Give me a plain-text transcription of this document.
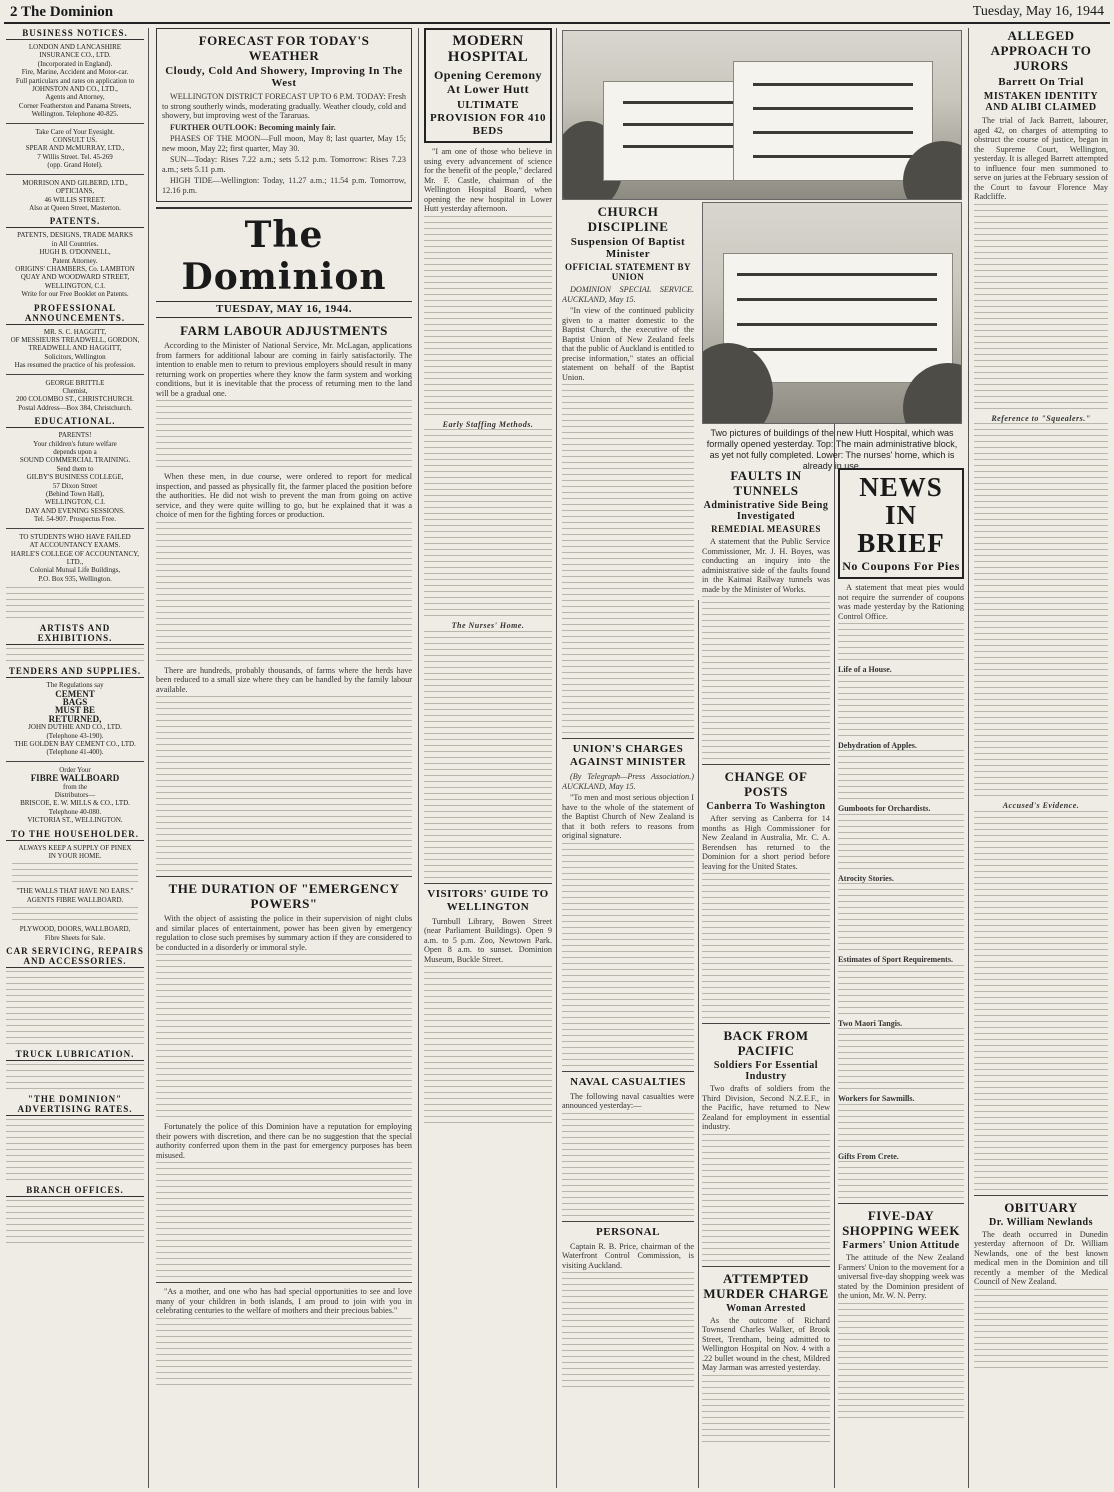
2 The Dominion	Tuesday, May 16, 1944
BUSINESS NOTICES.
LONDON AND LANCASHIRE
INSURANCE CO., LTD.
(Incorporated in England).
Fire, Marine, Accident and Motor-car.
Full particulars and rates on application to
JOHNSTON AND CO., LTD.,
Agents and Attorney,
Corner Featherston and Panama Streets,
Wellington. Telephone 40-825.
Take Care of Your Eyesight.
CONSULT US.
SPEAR AND McMURRAY, LTD.,
7 Willis Street. Tel. 45-269
(opp. Grand Hotel).
MORRISON AND GILBERD, LTD.,
OPTICIANS,
46 WILLIS STREET.
Also at Queen Street, Masterton.
PATENTS.
PATENTS, DESIGNS, TRADE MARKS
in All Countries.
HUGH B. O'DONNELL,
Patent Attorney.
ORIGINS' CHAMBERS, Co. LAMBTON
QUAY AND WOODWARD STREET,
WELLINGTON, C.I.
Write for our Free Booklet on Patents.
PROFESSIONAL ANNOUNCEMENTS.
MR. S. C. HAGGITT,
OF MESSIEURS TREADWELL, GORDON, TREADWELL AND HAGGITT,
Solicitors, Wellington
Has resumed the practice of his profession.
GEORGE BRITTLE
Chemist,
200 COLOMBO ST., CHRISTCHURCH.
Postal Address—Box 384, Christchurch.
EDUCATIONAL.
PARENTS!
Your children's future welfare
depends upon a
SOUND COMMERCIAL TRAINING.
Send them to
GILBY'S BUSINESS COLLEGE,
57 Dixon Street
(Behind Town Hall),
WELLINGTON, C.I.
DAY AND EVENING SESSIONS.
Tel. 54-907. Prospectus Free.
TO STUDENTS WHO HAVE FAILED
AT ACCOUNTANCY EXAMS.
HARLE'S COLLEGE OF ACCOUNTANCY, LTD.,
Colonial Mutual Life Buildings,
P.O. Box 935, Wellington.
ARTISTS AND EXHIBITIONS.
TENDERS AND SUPPLIES.
The Regulations say
CEMENT
BAGS
MUST BE
RETURNED,
JOHN DUTHIE AND CO., LTD.
(Telephone 43-190).
THE GOLDEN BAY CEMENT CO., LTD.
(Telephone 41-400).
Order Your
FIBRE WALLBOARD
from the
Distributors—
BRISCOE, E. W. MILLS & CO., LTD.
Telephone 40-080.
VICTORIA ST., WELLINGTON.
TO THE HOUSEHOLDER.
ALWAYS KEEP A SUPPLY OF PINEX
IN YOUR HOME.
"THE WALLS THAT HAVE NO EARS."
AGENTS FIBRE WALLBOARD.
PLYWOOD, DOORS, WALLBOARD,
Fibre Sheets for Sale.
CAR SERVICING, REPAIRS AND ACCESSORIES.
TRUCK LUBRICATION.
"THE DOMINION" ADVERTISING RATES.
BRANCH OFFICES.
FORECAST FOR TODAY'S WEATHER
Cloudy, Cold And Showery, Improving In The West

WELLINGTON DISTRICT FORECAST UP TO 6 P.M. TODAY: Fresh to strong southerly winds, moderating gradually. Weather cloudy, cold and showery, but improving west of the Tararuas.

FURTHER OUTLOOK: Becoming mainly fair.

PHASES OF THE MOON—Full moon, May 8; last quarter, May 15; new moon, May 22; first quarter, May 30.

SUN—Today: Rises 7.22 a.m.; sets 5.12 p.m. Tomorrow: Rises 7.23 a.m.; sets 5.11 p.m.

HIGH TIDE—Wellington: Today, 11.27 a.m.; 11.54 p.m. Tomorrow, 12.16 p.m.

The Dominion
TUESDAY, MAY 16, 1944.
FARM LABOUR ADJUSTMENTS

According to the Minister of National Service, Mr. McLagan, applications from farmers for additional labour are coming in fairly satisfactorily. The intention to enable men to return to previous employers should result in many returning work on properties where they know the farm system and working conditions, but it is inevitable that the process of returning men to the land will be a gradual one.

When these men, in due course, were ordered to report for medical inspection, and passed as physically fit, the farmer placed the position before the authorities. He did not wish to prevent the man from going on active service, and they were quite willing to go, but he explained that it was a choice of men for the fighting forces or production.

There are hundreds, probably thousands, of farms where the herds have been reduced to a small size where they can be handled by the family labour available.

THE DURATION OF "EMERGENCY POWERS"

With the object of assisting the police in their supervision of night clubs and similar places of entertainment, power has been given by emergency regulation to close such premises by summary action if they are considered to be conducted in a disorderly or immoral style.

Fortunately the police of this Dominion have a reputation for employing their powers with discretion, and there can be no suggestion that the special authority conferred upon them in the past for emergency purposes has been misused.

"As a mother, and one who has had special opportunities to see and love many of your children in both islands, I am proud to join with you in celebrating centuries to the welfare of mothers and their precious babies."

MODERN HOSPITAL
Opening Ceremony At Lower Hutt
ULTIMATE PROVISION FOR 410 BEDS

"I am one of those who believe in using every advancement of science for the benefit of the people," declared Mr. F. Castle, chairman of the Wellington Hospital Board, when opening the new hospital in Lower Hutt yesterday afternoon.

Early Staffing Methods.
The Nurses' Home.
VISITORS' GUIDE TO WELLINGTON

Turnbull Library, Bowen Street (near Parliament Buildings). Open 9 a.m. to 5 p.m. Zoo, Newtown Park. Open 8 a.m. to sunset. Dominion Museum, Buckle Street.

Two pictures of buildings of the new Hutt Hospital, which was formally opened yesterday. Top: The main administrative block, as yet not fully completed. Lower: The nurses' home, which is already in use.
CHURCH DISCIPLINE
Suspension Of Baptist Minister
OFFICIAL STATEMENT BY UNION

DOMINION SPECIAL SERVICE. AUCKLAND, May 15.

"In view of the continued publicity given to a matter domestic to the Baptist Church, the executive of the Baptist Union of New Zealand feels that the public of Auckland is entitled to precise information," states an official statement on behalf of the Baptist Union.

UNION'S CHARGES AGAINST MINISTER

(By Telegraph—Press Association.) AUCKLAND, May 15.

"To men and most serious objection I have to the whole of the statement of the Baptist Church of New Zealand is that it both refers to reasons from original signature.

NAVAL CASUALTIES

The following naval casualties were announced yesterday:—

PERSONAL

Captain R. B. Price, chairman of the Waterfront Control Commission, is visiting Auckland.

FAULTS IN TUNNELS
Administrative Side Being Investigated
REMEDIAL MEASURES

A statement that the Public Service Commissioner, Mr. J. H. Boyes, was conducting an inquiry into the administrative side of the faults found in the Kaimai Railway tunnels was made by the Minister of Works.

CHANGE OF POSTS
Canberra To Washington

After serving as Canberra for 14 months as High Commissioner for New Zealand in Australia, Mr. C. A. Berendsen has returned to the Dominion for a short period before leaving for the United States.

BACK FROM PACIFIC
Soldiers For Essential Industry

Two drafts of soldiers from the Third Division, Second N.Z.E.F., in the Pacific, have returned to New Zealand for employment in essential industry.

ATTEMPTED MURDER CHARGE
Woman Arrested

As the outcome of Richard Townsend Charles Walker, of Brook Street, Trentham, being admitted to Wellington Hospital on Nov. 4 with a .22 bullet wound in the chest, Mildred May Jarman was arrested yesterday.

NEWS IN BRIEF
No Coupons For Pies

A statement that meat pies would not require the surrender of coupons was made yesterday by the Rationing Control Office.

Life of a House.
Dehydration of Apples.
Gumboots for Orchardists.
Atrocity Stories.
Estimates of Sport Requirements.
Two Maori Tangis.
Workers for Sawmills.
Gifts From Crete.
FIVE-DAY SHOPPING WEEK
Farmers' Union Attitude

The attitude of the New Zealand Farmers' Union to the movement for a universal five-day shopping week was stated by the Dominion president of the union, Mr. W. N. Perry.

ALLEGED APPROACH TO JURORS
Barrett On Trial
MISTAKEN IDENTITY AND ALIBI CLAIMED

The trial of Jack Barrett, labourer, aged 42, on charges of attempting to obstruct the course of justice, began in the Supreme Court, Wellington, yesterday. It is alleged Barrett attempted to influence four men summoned to serve on juries at the February session of the Court to favour Florence May Radcliffe.

Reference to "Squealers."
Accused's Evidence.
OBITUARY
Dr. William Newlands

The death occurred in Dunedin yesterday afternoon of Dr. William Newlands, one of the best known medical men in the Dominion and till recently a member of the Medical Council of New Zealand.
